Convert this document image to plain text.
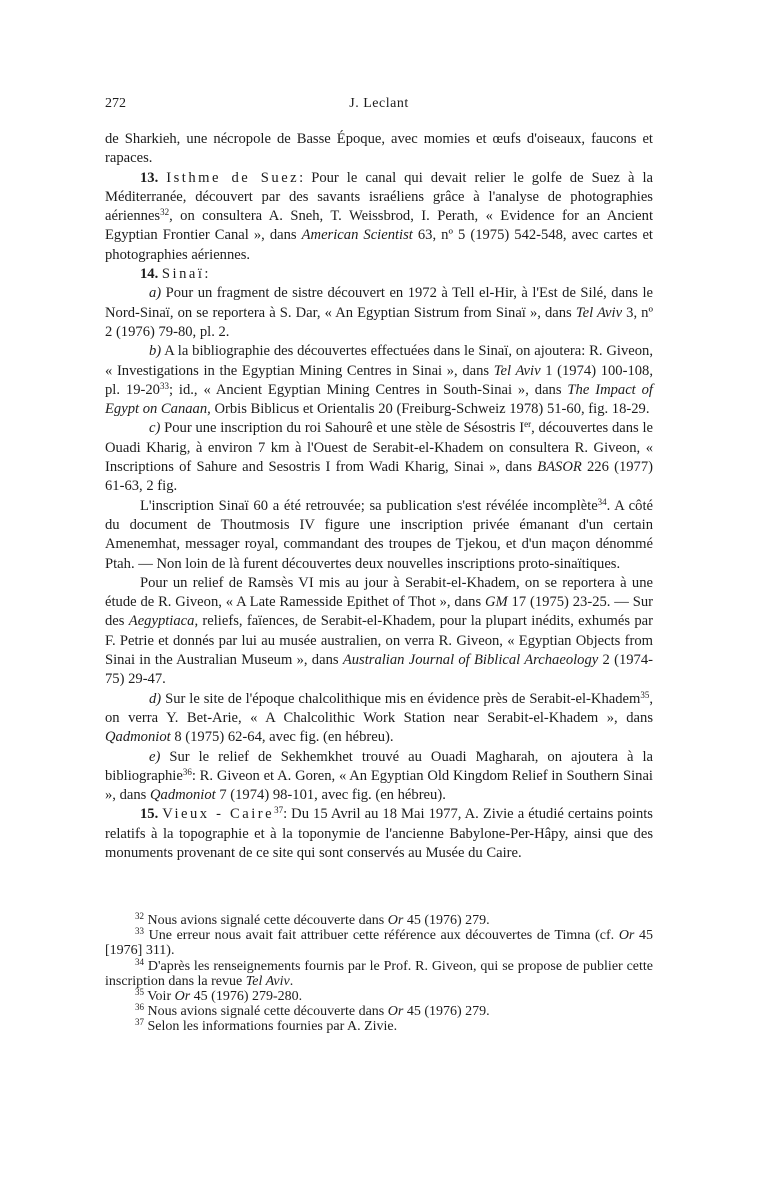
272	J. Leclant

de Sharkieh, une nécropole de Basse Époque, avec momies et œufs d'oiseaux, faucons et rapaces.

13. Isthme de Suez: Pour le canal qui devait relier le golfe de Suez à la Méditerranée, découvert par des savants israéliens grâce à l'analyse de photographies aériennes$^{32}$, on consultera A. Sneh, T. Weissbrod, I. Perath, « Evidence for an Ancient Egyptian Frontier Canal », dans American Scientist 63, nº 5 (1975) 542-548, avec cartes et photographies aériennes.

14. Sinaï:

a) Pour un fragment de sistre découvert en 1972 à Tell el-Hir, à l'Est de Silé, dans le Nord-Sinaï, on se reportera à S. Dar, « An Egyptian Sistrum from Sinaï », dans Tel Aviv 3, nº 2 (1976) 79-80, pl. 2.

b) A la bibliographie des découvertes effectuées dans le Sinaï, on ajoutera: R. Giveon, « Investigations in the Egyptian Mining Centres in Sinai », dans Tel Aviv 1 (1974) 100-108, pl. $19-20^{33}$; id., « Ancient Egyptian Mining Centres in South-Sinai », dans The Impact of Egypt on Canaan, Orbis Biblicus et Orientalis 20 (Freiburg-Schweiz 1978) 51-60, fig. 18-29.

c) Pour une inscription du roi Sahourê et une stèle de Sésostris Ier, découvertes dans le Ouadi Kharig, à environ 7 km à l'Ouest de Serabit-el-Khadem on consultera R. Giveon, « Inscriptions of Sahure and Sesostris I from Wadi Kharig, Sinai », dans BASOR 226 (1977) 61-63, 2 fig.

L'inscription Sinaï 60 a été retrouvée; sa publication s'est révélée incomplète$^{34}$. A côté du document de Thoutmosis IV figure une inscription privée émanant d'un certain Amenemhat, messager royal, commandant des troupes de Tjekou, et d'un maçon dénommé Ptah. — Non loin de là furent découvertes deux nouvelles inscriptions proto-sinaïtiques.

Pour un relief de Ramsès VI mis au jour à Serabit-el-Khadem, on se reportera à une étude de R. Giveon, « A Late Ramesside Epithet of Thot », dans GM 17 (1975) 23-25. — Sur des Aegyptiaca, reliefs, faïences, de Serabit-el-Khadem, pour la plupart inédits, exhumés par F. Petrie et donnés par lui au musée australien, on verra R. Giveon, « Egyptian Objects from Sinai in the Australian Museum », dans Australian Journal of Biblical Archaeology 2 (1974-75) 29-47.

d) Sur le site de l'époque chalcolithique mis en évidence près de Serabit-el-Khadem$^{35}$, on verra Y. Bet-Arie, « A Chalcolithic Work Station near Serabit-el-Khadem », dans Qadmoniot 8 (1975) 62-64, avec fig. (en hébreu).

e) Sur le relief de Sekhemkhet trouvé au Ouadi Magharah, on ajoutera à la bibliographie$^{36}$: R. Giveon et A. Goren, « An Egyptian Old Kingdom Relief in Southern Sinai », dans Qadmoniot 7 (1974) 98-101, avec fig. (en hébreu).

15. Vieux - Caire$^{37}$: Du 15 Avril au 18 Mai 1977, A. Zivie a étudié certains points relatifs à la topographie et à la toponymie de l'ancienne Babylone-Per-Hâpy, ainsi que des monuments provenant de ce site qui sont conservés au Musée du Caire.

$^{32}$ Nous avions signalé cette découverte dans Or 45 (1976) 279.

$^{33}$ Une erreur nous avait fait attribuer cette référence aux découvertes de Timna (cf. Or 45 [1976] 311).

$^{34}$ D'après les renseignements fournis par le Prof. R. Giveon, qui se propose de publier cette inscription dans la revue Tel Aviv.

$^{35}$ Voir Or 45 (1976) 279-280.

$^{36}$ Nous avions signalé cette découverte dans Or 45 (1976) 279.

$^{37}$ Selon les informations fournies par A. Zivie.
